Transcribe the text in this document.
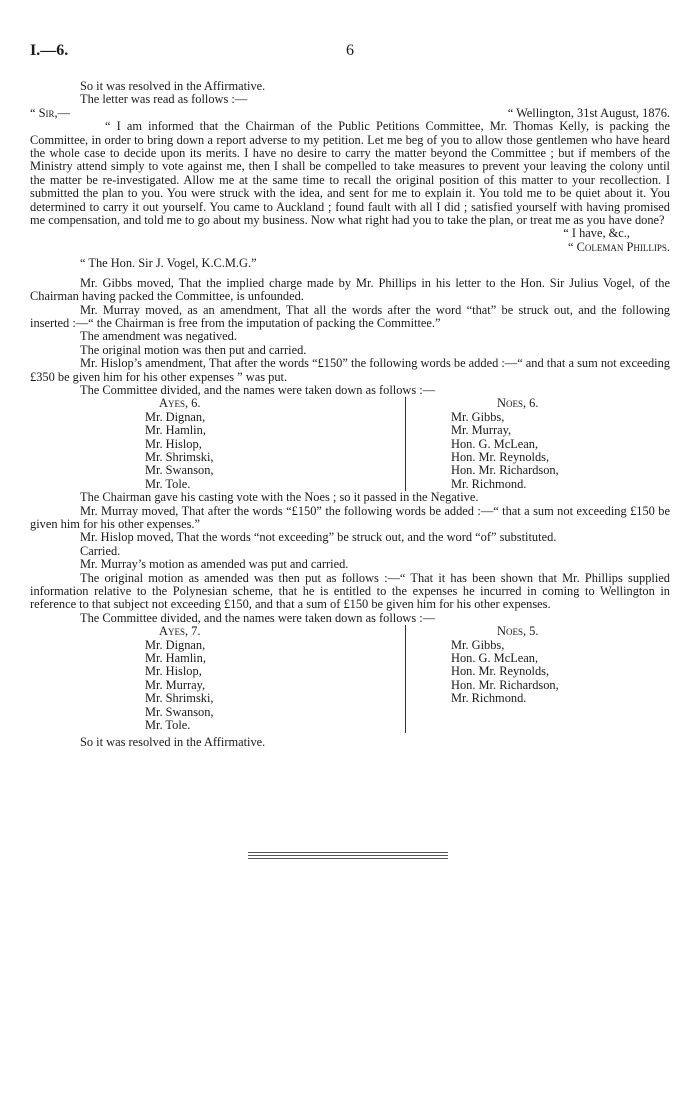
I.—6.	6

So it was resolved in the Affirmative.

The letter was read as follows :—

“ Sir,—	“ Wellington, 31st August, 1876.

“ I am informed that the Chairman of the Public Petitions Committee, Mr. Thomas Kelly, is packing the Committee, in order to bring down a report adverse to my petition. Let me beg of you to allow those gentlemen who have heard the whole case to decide upon its merits. I have no desire to carry the matter beyond the Committee ; but if members of the Ministry attend simply to vote against me, then I shall be compelled to take measures to prevent your leaving the colony until the matter be re-investigated. Allow me at the same time to recall the original position of this matter to your recollection. I submitted the plan to you. You were struck with the idea, and sent for me to explain it. You told me to be quiet about it. You determined to carry it out yourself. You came to Auckland ; found fault with all I did ; satisfied yourself with having promised me compensation, and told me to go about my business. Now what right had you to take the plan, or treat me as you have done?

“ I have, &c.,

“ Coleman Phillips.

“ The Hon. Sir J. Vogel, K.C.M.G.”

Mr. Gibbs moved, That the implied charge made by Mr. Phillips in his letter to the Hon. Sir Julius Vogel, of the Chairman having packed the Committee, is unfounded.

Mr. Murray moved, as an amendment, That all the words after the word “that” be struck out, and the following inserted :—“ the Chairman is free from the imputation of packing the Committee.”

The amendment was negatived.

The original motion was then put and carried.

Mr. Hislop’s amendment, That after the words “£150” the following words be added :—“ and that a sum not exceeding £350 be given him for his other expenses ” was put.

The Committee divided, and the names were taken down as follows :—

Ayes, 6.
Mr. Dignan,
Mr. Hamlin,
Mr. Hislop,
Mr. Shrimski,
Mr. Swanson,
Mr. Tole.
Noes, 6.
Mr. Gibbs,
Mr. Murray,
Hon. G. McLean,
Hon. Mr. Reynolds,
Hon. Mr. Richardson,
Mr. Richmond.

The Chairman gave his casting vote with the Noes ; so it passed in the Negative.

Mr. Murray moved, That after the words “£150” the following words be added :—“ that a sum not exceeding £150 be given him for his other expenses.”

Mr. Hislop moved, That the words “not exceeding” be struck out, and the word “of” substituted.

Carried.

Mr. Murray’s motion as amended was put and carried.

The original motion as amended was then put as follows :—“ That it has been shown that Mr. Phillips supplied information relative to the Polynesian scheme, that he is entitled to the expenses he incurred in coming to Wellington in reference to that subject not exceeding £150, and that a sum of £150 be given him for his other expenses.

The Committee divided, and the names were taken down as follows :—

Ayes, 7.
Mr. Dignan,
Mr. Hamlin,
Mr. Hislop,
Mr. Murray,
Mr. Shrimski,
Mr. Swanson,
Mr. Tole.
Noes, 5.
Mr. Gibbs,
Hon. G. McLean,
Hon. Mr. Reynolds,
Hon. Mr. Richardson,
Mr. Richmond.

So it was resolved in the Affirmative.
